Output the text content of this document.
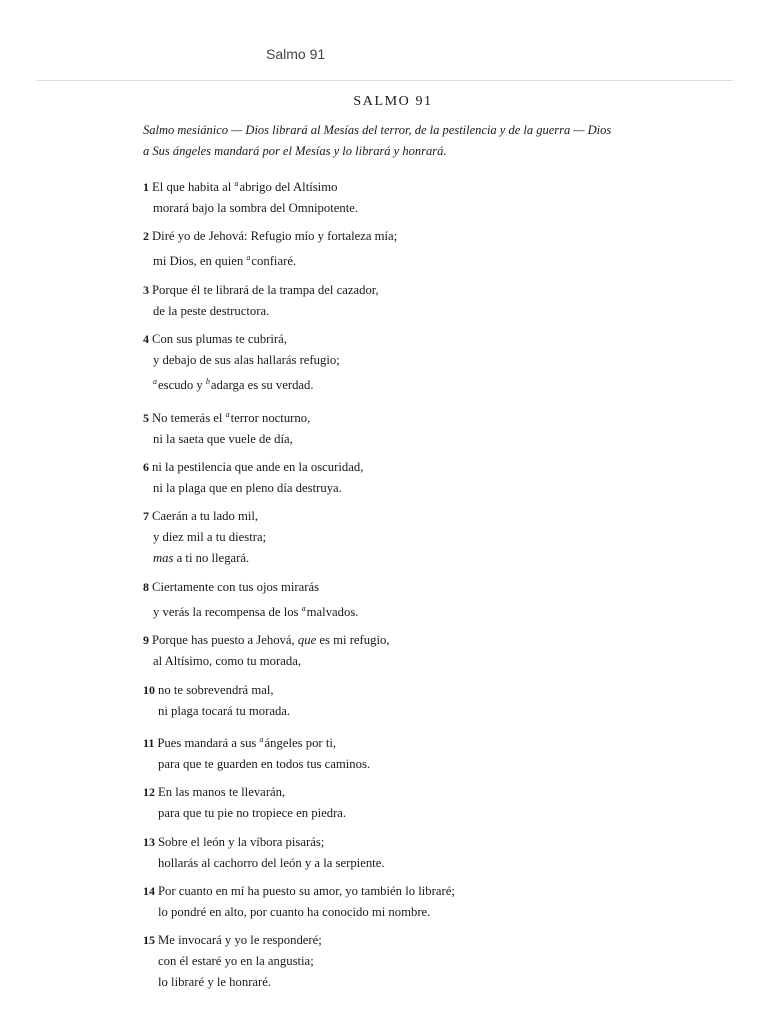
Salmo 91
SALMO 91
Salmo mesiánico — Dios librará al Mesías del terror, de la pestilencia y de la guerra — Dios
a Sus ángeles mandará por el Mesías y lo librará y honrará.
1 El que habita al $^a$abrigo del Altísimo
morará bajo la sombra del Omnipotente.
2 Diré yo de Jehová: Refugio mío y fortaleza mía;
mi Dios, en quien $^a$confiaré.
3 Porque él te librará de la trampa del cazador,
de la peste destructora.
4 Con sus plumas te cubrirá,
y debajo de sus alas hallarás refugio;
$^a$escudo y $^b$adarga es su verdad.
5 No temerás el $^a$terror nocturno,
ni la saeta que vuele de día,
6 ni la pestilencia que ande en la oscuridad,
ni la plaga que en pleno día destruya.
7 Caerán a tu lado mil,
y diez mil a tu diestra;
mas a ti no llegará.
8 Ciertamente con tus ojos mirarás
y verás la recompensa de los $^a$malvados.
9 Porque has puesto a Jehová, que es mi refugio,
al Altísimo, como tu morada,
10 no te sobrevendrá mal,
ni plaga tocará tu morada.
11 Pues mandará a sus $^a$ángeles por ti,
para que te guarden en todos tus caminos.
12 En las manos te llevarán,
para que tu pie no tropiece en piedra.
13 Sobre el león y la víbora pisarás;
hollarás al cachorro del león y a la serpiente.
14 Por cuanto en mí ha puesto su amor, yo también lo libraré;
lo pondré en alto, por cuanto ha conocido mi nombre.
15 Me invocará y yo le responderé;
con él estaré yo en la angustia;
lo libraré y le honraré.
